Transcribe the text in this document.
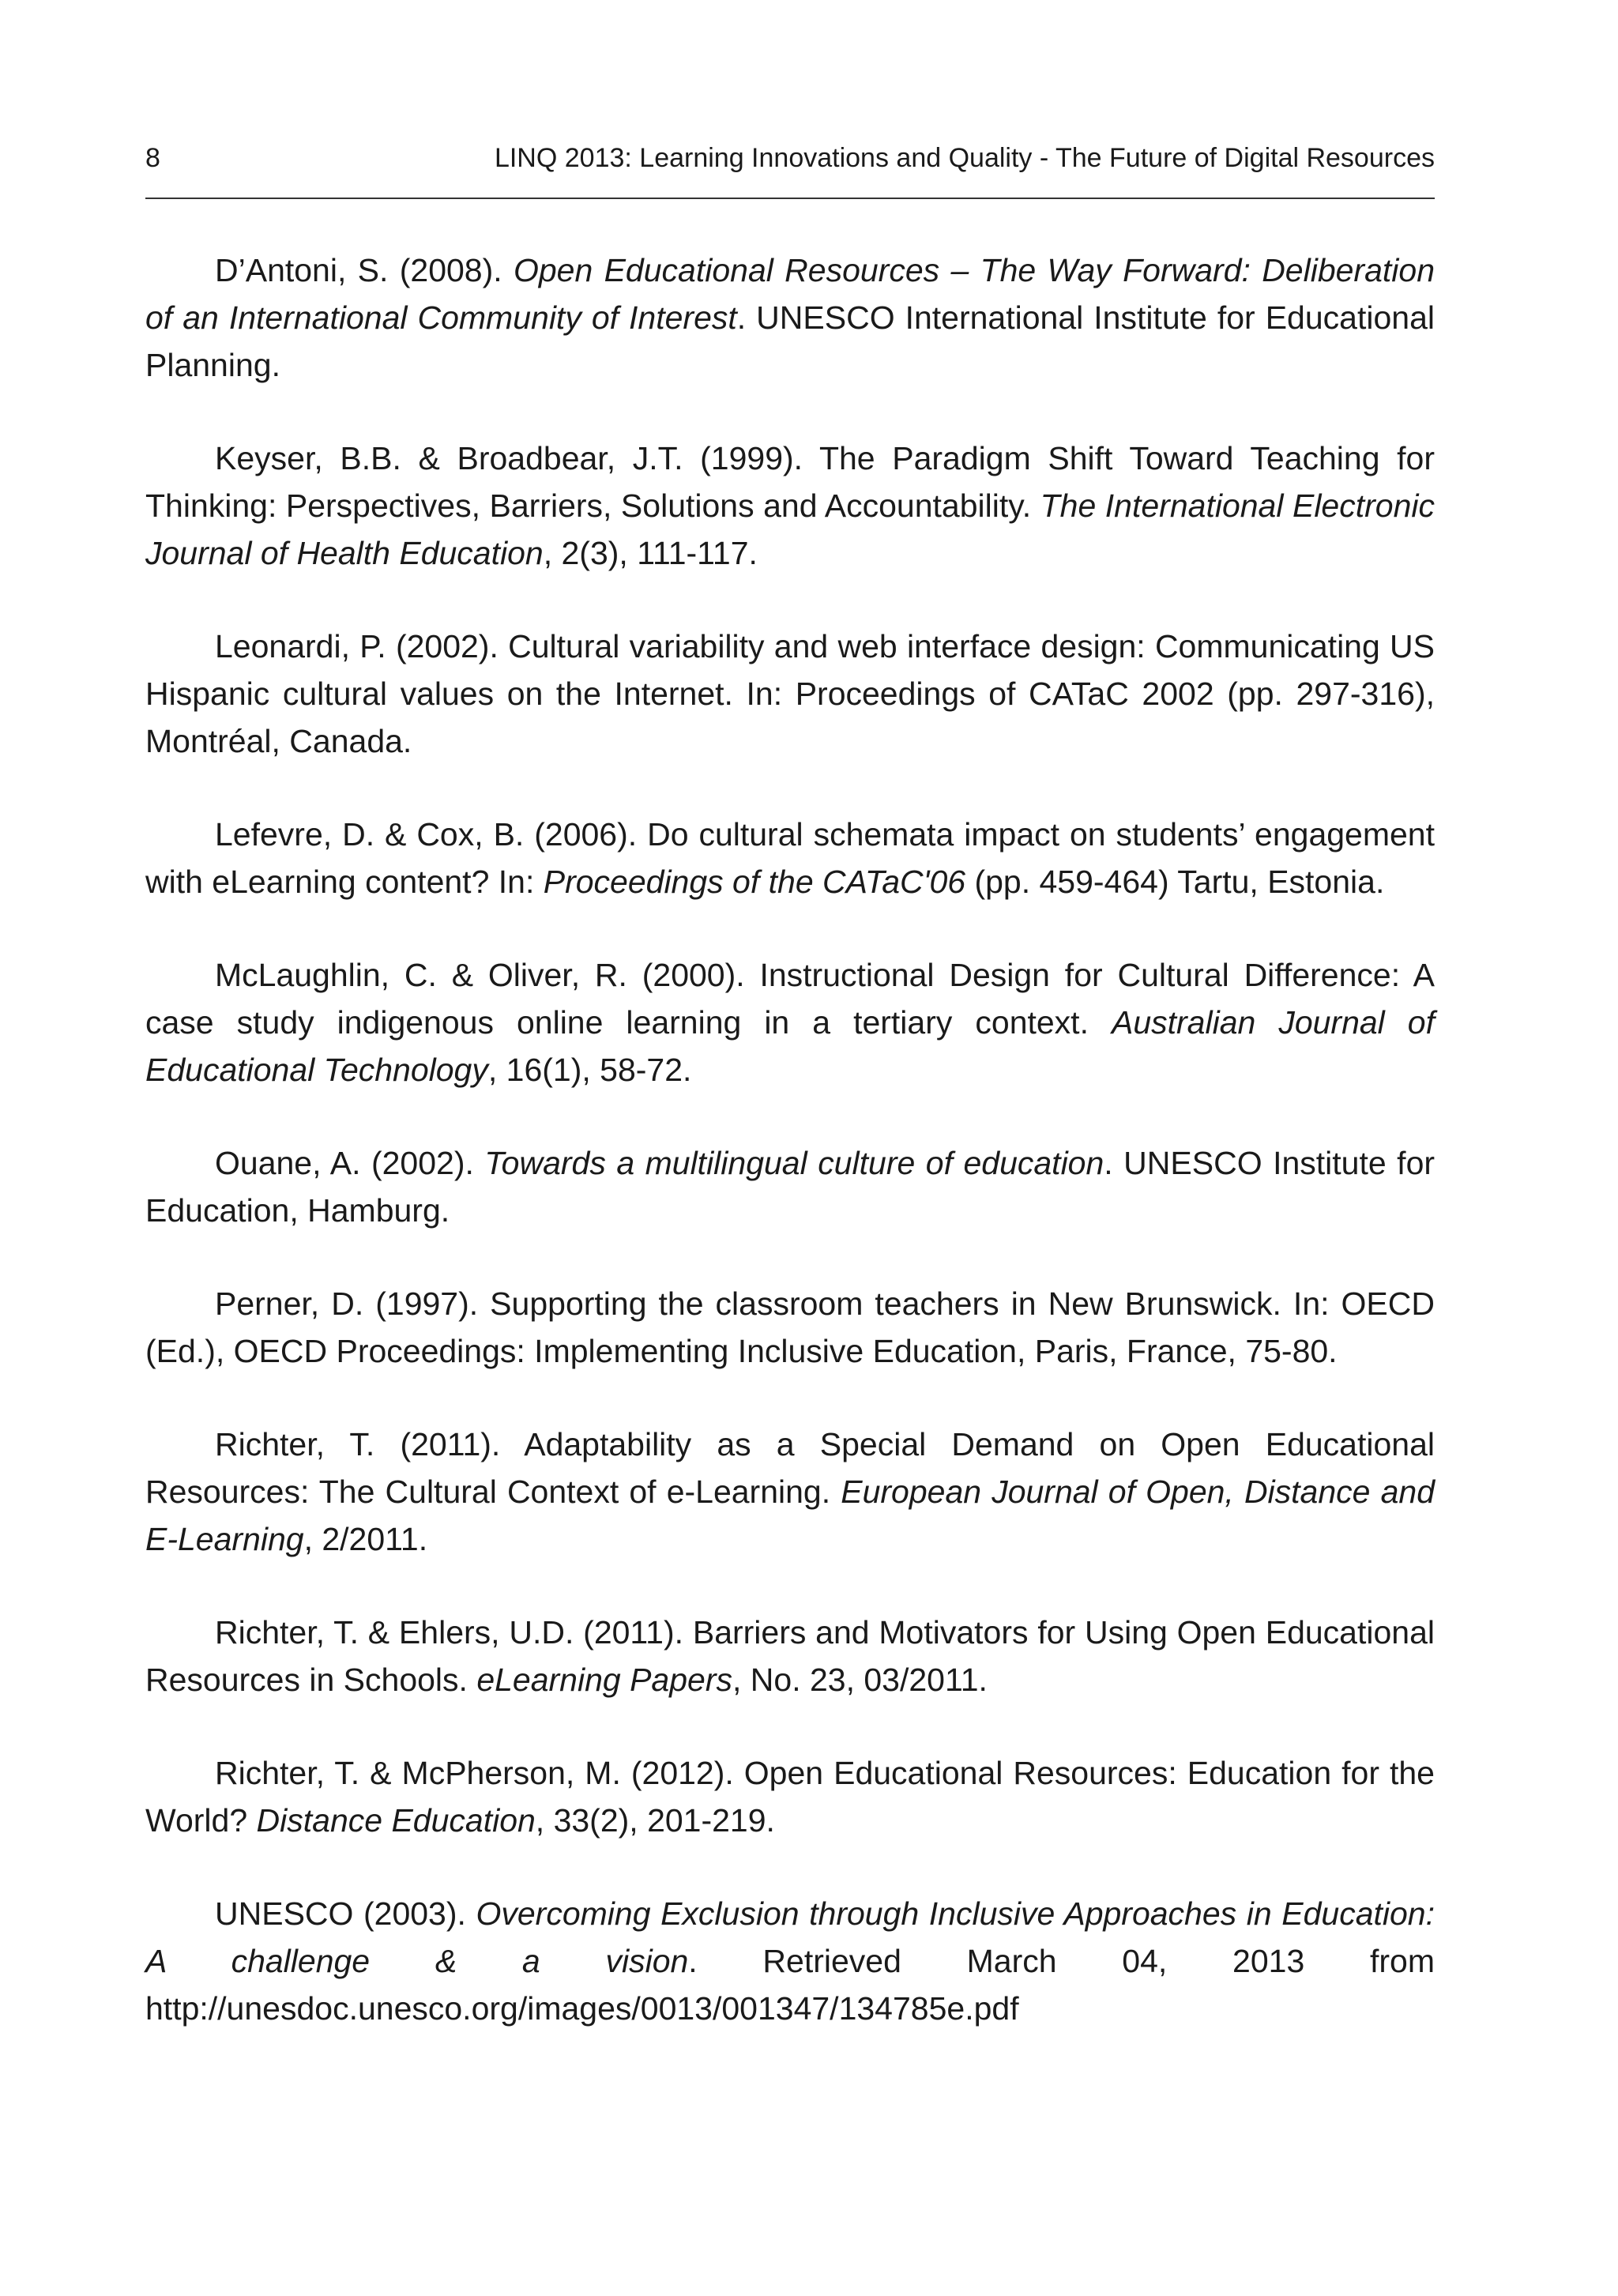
8	LINQ 2013: Learning Innovations and Quality - The Future of Digital Resources
D’Antoni, S. (2008). Open Educational Resources – The Way Forward: Deliberation of an International Community of Interest. UNESCO International Institute for Educational Planning.
Keyser, B.B. & Broadbear, J.T. (1999). The Paradigm Shift Toward Teaching for Thinking: Perspectives, Barriers, Solutions and Accountability. The International Electronic Journal of Health Education, 2(3), 111-117.
Leonardi, P. (2002). Cultural variability and web interface design: Communicating US Hispanic cultural values on the Internet. In: Proceedings of CATaC 2002 (pp. 297-316), Montréal, Canada.
Lefevre, D. & Cox, B. (2006). Do cultural schemata impact on students’ engagement with eLearning content? In: Proceedings of the CATaC'06 (pp. 459-464) Tartu, Estonia.
McLaughlin, C. & Oliver, R. (2000). Instructional Design for Cultural Difference: A case study indigenous online learning in a tertiary context. Australian Journal of Educational Technology, 16(1), 58-72.
Ouane, A. (2002). Towards a multilingual culture of education. UNESCO Institute for Education, Hamburg.
Perner, D. (1997). Supporting the classroom teachers in New Brunswick. In: OECD (Ed.), OECD Proceedings: Implementing Inclusive Education, Paris, France, 75-80.
Richter, T. (2011). Adaptability as a Special Demand on Open Educational Resources: The Cultural Context of e-Learning. European Journal of Open, Distance and E-Learning, 2/2011.
Richter, T. & Ehlers, U.D. (2011). Barriers and Motivators for Using Open Educational Resources in Schools. eLearning Papers, No. 23, 03/2011.
Richter, T. & McPherson, M. (2012). Open Educational Resources: Education for the World? Distance Education, 33(2), 201-219.
UNESCO (2003). Overcoming Exclusion through Inclusive Approaches in Education: A challenge & a vision. Retrieved March 04, 2013 from http://unesdoc.unesco.org/images/0013/001347/134785e.pdf
